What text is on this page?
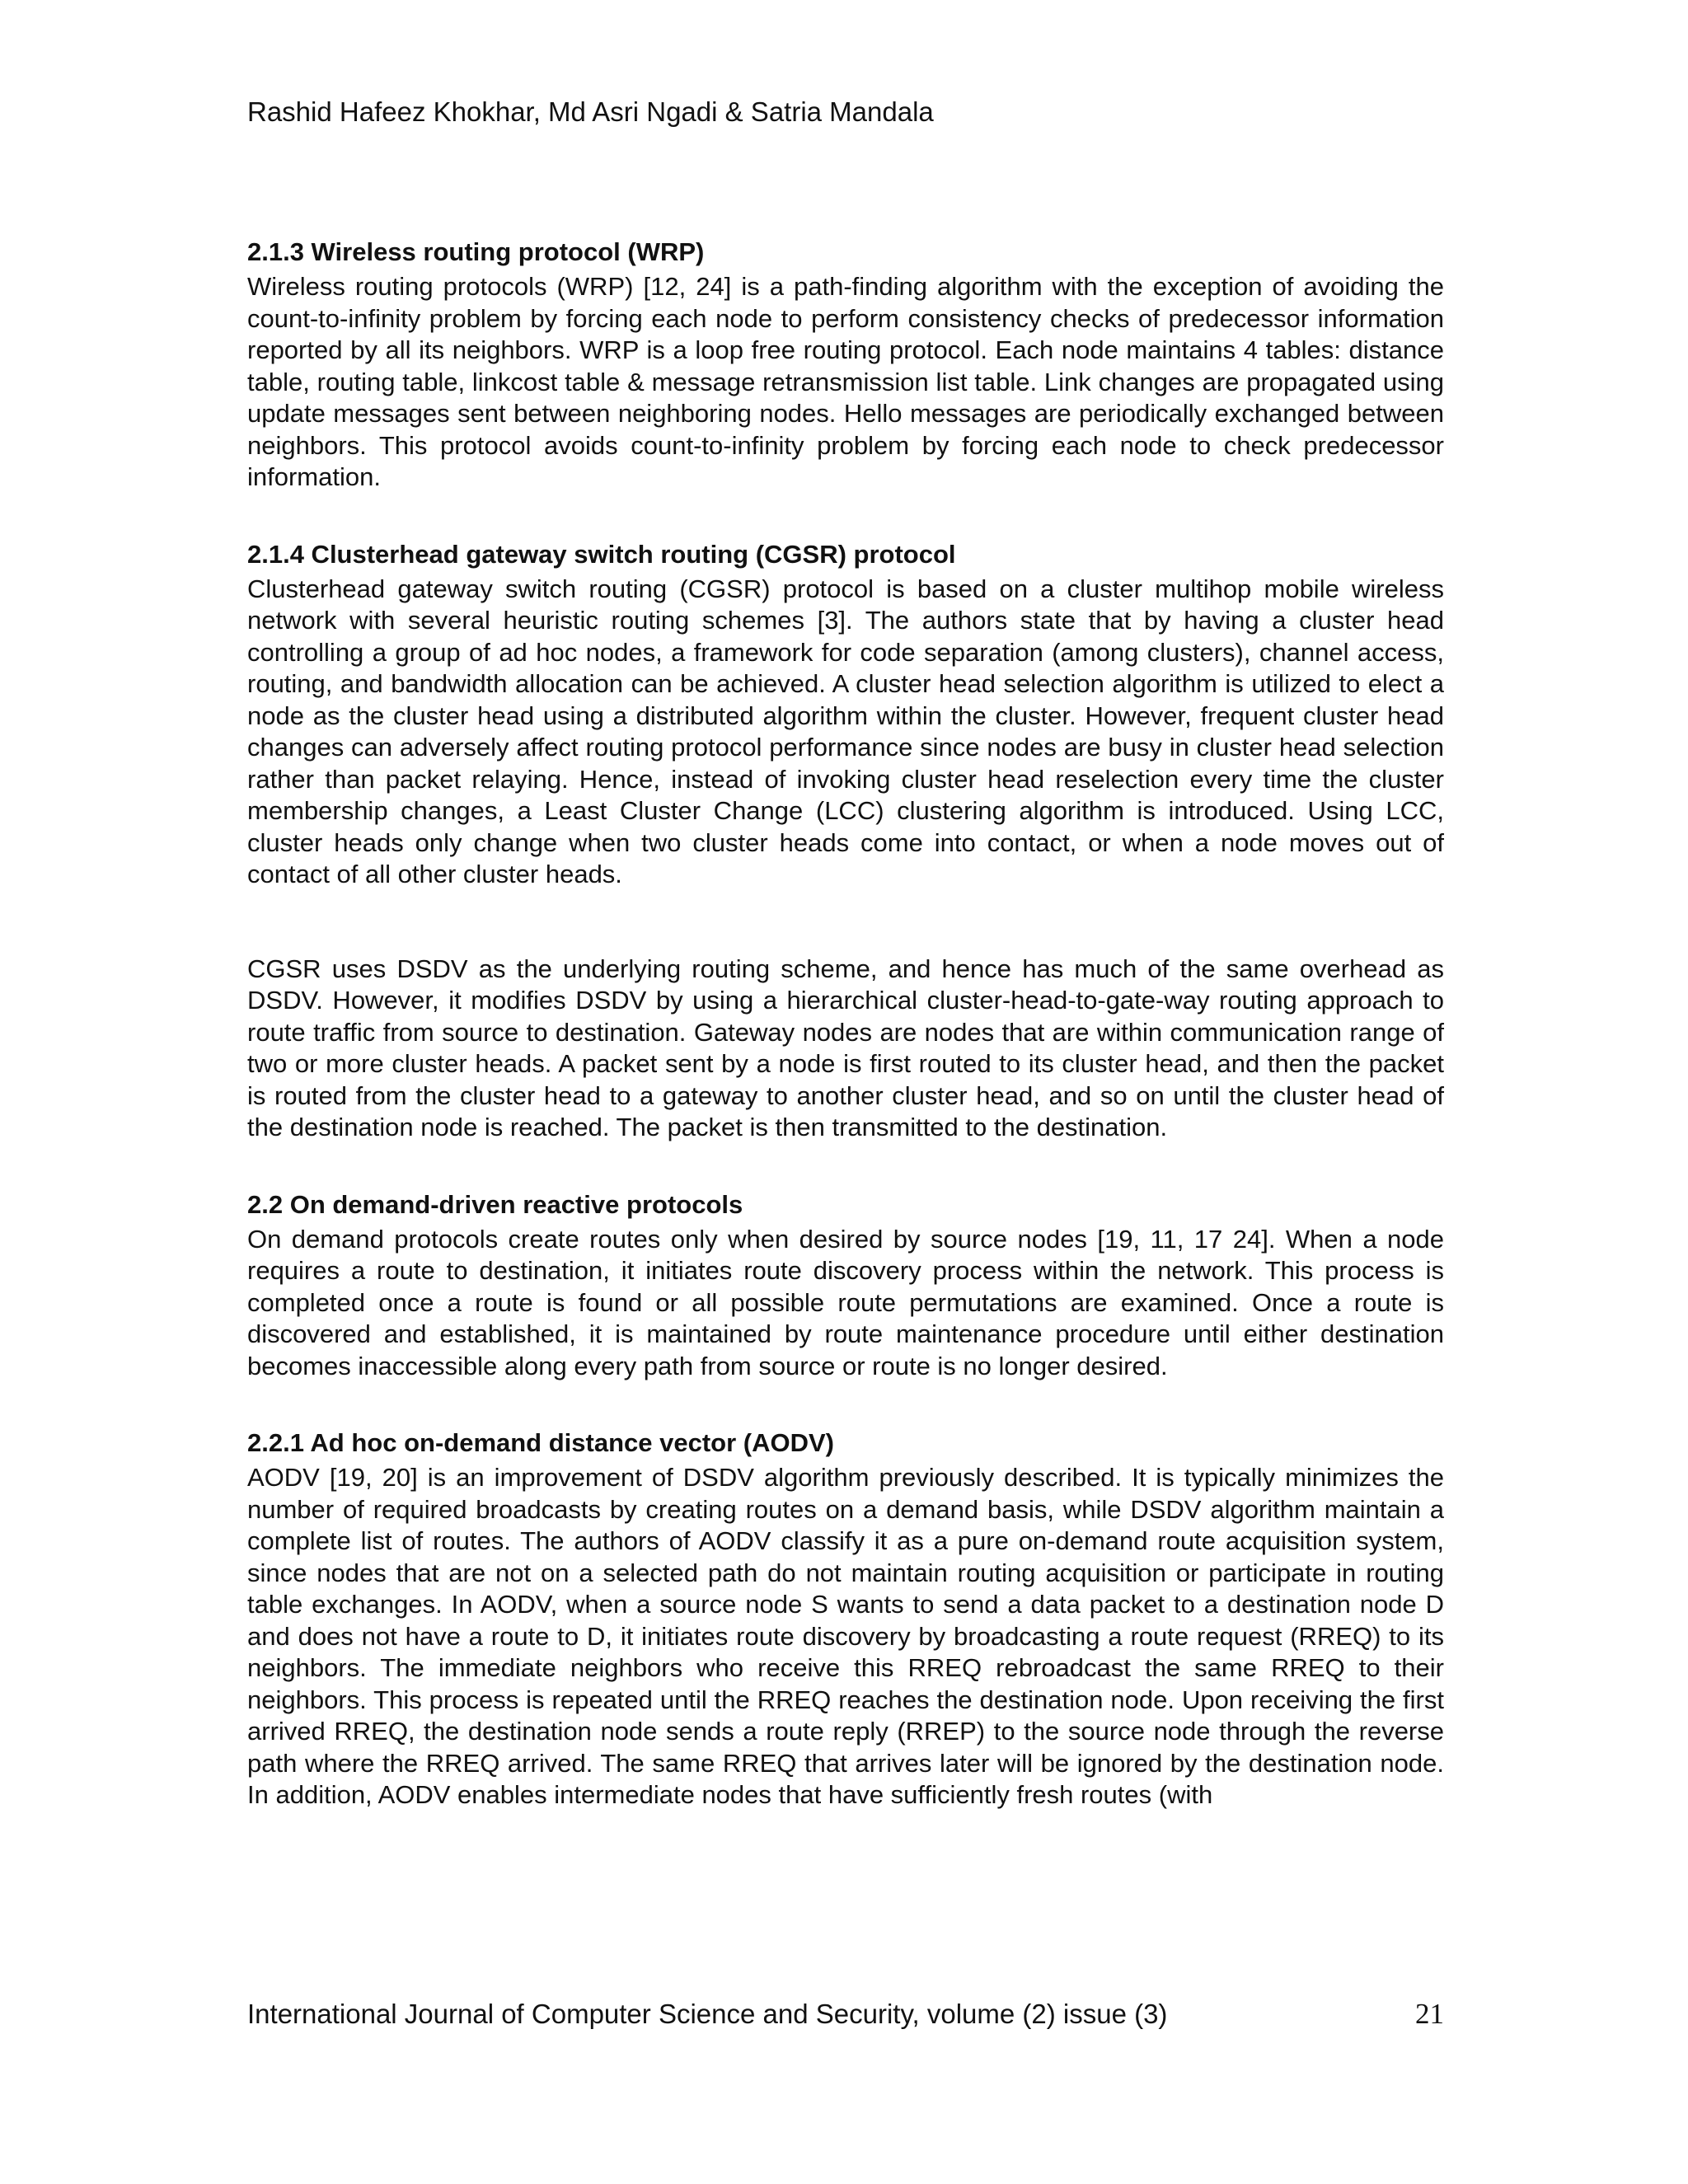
Rashid Hafeez Khokhar, Md Asri Ngadi & Satria Mandala
2.1.3 Wireless routing protocol (WRP)

Wireless routing protocols (WRP) [12, 24] is a path-finding algorithm with the exception of avoiding the count-to-infinity problem by forcing each node to perform consistency checks of predecessor information reported by all its neighbors. WRP is a loop free routing protocol. Each node maintains 4 tables: distance table, routing table, linkcost table & message retransmission list table. Link changes are propagated using update messages sent between neighboring nodes. Hello messages are periodically exchanged between neighbors. This protocol avoids count-to-infinity problem by forcing each node to check predecessor information.

2.1.4 Clusterhead gateway switch routing (CGSR) protocol

Clusterhead gateway switch routing (CGSR) protocol is based on a cluster multihop mobile wireless network with several heuristic routing schemes [3]. The authors state that by having a cluster head controlling a group of ad hoc nodes, a framework for code separation (among clusters), channel access, routing, and bandwidth allocation can be achieved. A cluster head selection algorithm is utilized to elect a node as the cluster head using a distributed algorithm within the cluster. However, frequent cluster head changes can adversely affect routing protocol performance since nodes are busy in cluster head selection rather than packet relaying. Hence, instead of invoking cluster head reselection every time the cluster membership changes, a Least Cluster Change (LCC) clustering algorithm is introduced. Using LCC, cluster heads only change when two cluster heads come into contact, or when a node moves out of contact of all other cluster heads.

CGSR uses DSDV as the underlying routing scheme, and hence has much of the same overhead as DSDV. However, it modifies DSDV by using a hierarchical cluster-head-to-gate-way routing approach to route traffic from source to destination. Gateway nodes are nodes that are within communication range of two or more cluster heads. A packet sent by a node is first routed to its cluster head, and then the packet is routed from the cluster head to a gateway to another cluster head, and so on until the cluster head of the destination node is reached. The packet is then transmitted to the destination.

2.2 On demand-driven reactive protocols

On demand protocols create routes only when desired by source nodes [19, 11, 17 24]. When a node requires a route to destination, it initiates route discovery process within the network. This process is completed once a route is found or all possible route permutations are examined. Once a route is discovered and established, it is maintained by route maintenance procedure until either destination becomes inaccessible along every path from source or route is no longer desired.

2.2.1 Ad hoc on-demand distance vector (AODV)

AODV [19, 20] is an improvement of DSDV algorithm previously described. It is typically minimizes the number of required broadcasts by creating routes on a demand basis, while DSDV algorithm maintain a complete list of routes. The authors of AODV classify it as a pure on-demand route acquisition system, since nodes that are not on a selected path do not maintain routing acquisition or participate in routing table exchanges. In AODV, when a source node S wants to send a data packet to a destination node D and does not have a route to D, it initiates route discovery by broadcasting a route request (RREQ) to its neighbors. The immediate neighbors who receive this RREQ rebroadcast the same RREQ to their neighbors. This process is repeated until the RREQ reaches the destination node. Upon receiving the first arrived RREQ, the destination node sends a route reply (RREP) to the source node through the reverse path where the RREQ arrived. The same RREQ that arrives later will be ignored by the destination node. In addition, AODV enables intermediate nodes that have sufficiently fresh routes (with

International Journal of Computer Science and Security, volume (2) issue (3)	21
